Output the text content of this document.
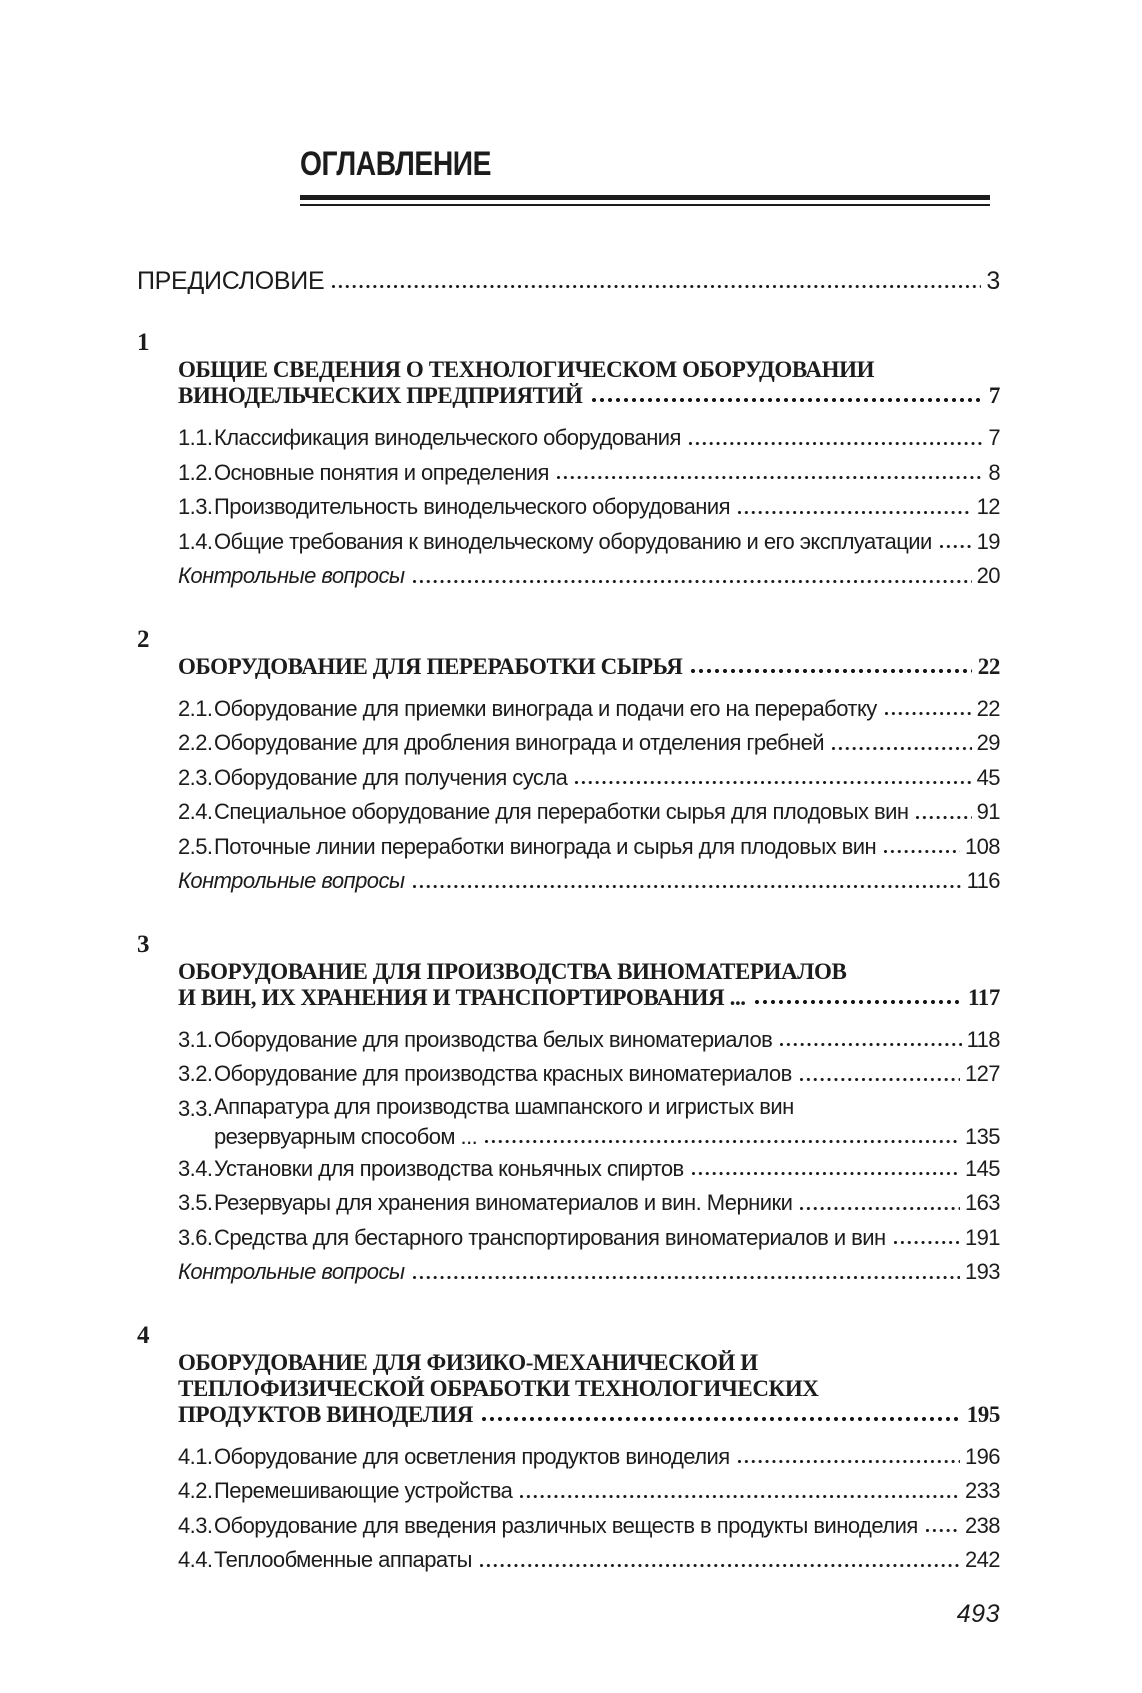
ОГЛАВЛЕНИЕ
ПРЕДИСЛОВИЕ	3
1
ОБЩИЕ СВЕДЕНИЯ О ТЕХНОЛОГИЧЕСКОМ ОБОРУДОВАНИИ
ВИНОДЕЛЬЧЕСКИХ ПРЕДПРИЯТИЙ	7
1.1. Классификация винодельческого оборудования	7
1.2. Основные понятия и определения	8
1.3. Производительность винодельческого оборудования	12
1.4. Общие требования к винодельческому оборудованию и его эксплуатации 19
Контрольные вопросы	20
2
ОБОРУДОВАНИЕ ДЛЯ ПЕРЕРАБОТКИ СЫРЬЯ	22
2.1. Оборудование для приемки винограда и подачи его на переработку	22
2.2. Оборудование для дробления винограда и отделения гребней	29
2.3. Оборудование для получения сусла	45
2.4. Специальное оборудование для переработки сырья для плодовых вин	91
2.5. Поточные линии переработки винограда и сырья для плодовых вин	108
Контрольные вопросы	116
3
ОБОРУДОВАНИЕ ДЛЯ ПРОИЗВОДСТВА ВИНОМАТЕРИАЛОВ
И ВИН, ИХ ХРАНЕНИЯ И ТРАНСПОРТИРОВАНИЯ ...	117
3.1. Оборудование для производства белых виноматериалов	118
3.2. Оборудование для производства красных виноматериалов	127
3.3. Аппаратура для производства шампанского и игристых вин
резервуарным способом ...	135
3.4. Установки для производства коньячных спиртов	145
3.5. Резервуары для хранения виноматериалов и вин. Мерники	163
3.6. Средства для бестарного транспортирования виноматериалов и вин	191
Контрольные вопросы	193
4
ОБОРУДОВАНИЕ ДЛЯ ФИЗИКО-МЕХАНИЧЕСКОЙ И
ТЕПЛОФИЗИЧЕСКОЙ ОБРАБОТКИ ТЕХНОЛОГИЧЕСКИХ
ПРОДУКТОВ ВИНОДЕЛИЯ	195
4.1. Оборудование для осветления продуктов виноделия	196
4.2. Перемешивающие устройства	233
4.3. Оборудование для введения различных веществ в продукты виноделия 238
4.4. Теплообменные аппараты	242
493
